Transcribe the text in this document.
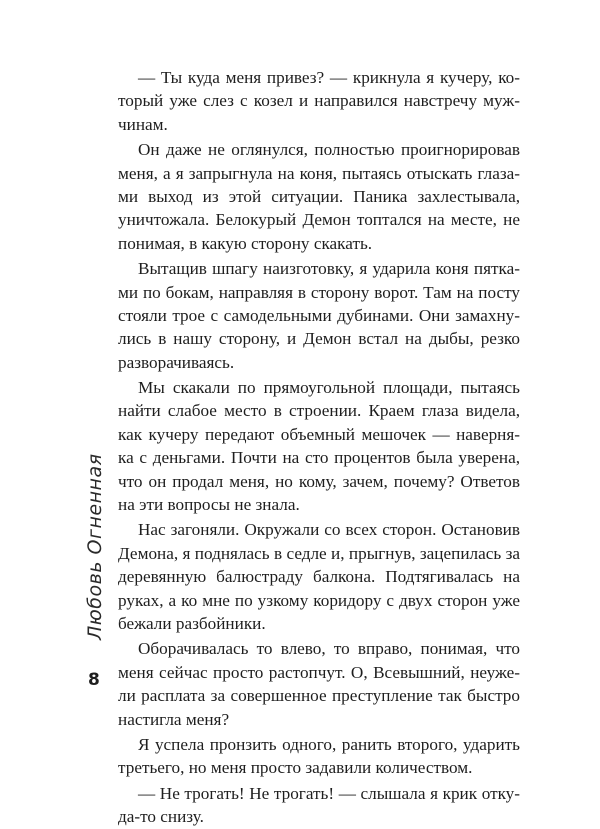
— Ты куда меня привез? — крикнула я кучеру, ко-
торый уже слез с козел и направился навстречу муж-
чинам.
Он даже не оглянулся, полностью проигнорировав
меня, а я запрыгнула на коня, пытаясь отыскать глаза-
ми выход из этой ситуации. Паника захлестывала,
уничтожала. Белокурый Демон топтался на месте, не
понимая, в какую сторону скакать.
Вытащив шпагу наизготовку, я ударила коня пятка-
ми по бокам, направляя в сторону ворот. Там на посту
стояли трое с самодельными дубинами. Они замахну-
лись в нашу сторону, и Демон встал на дыбы, резко
разворачиваясь.
Мы скакали по прямоугольной площади, пытаясь
найти слабое место в строении. Краем глаза видела,
как кучеру передают объемный мешочек — наверня-
ка с деньгами. Почти на сто процентов была уверена,
что он продал меня, но кому, зачем, почему? Ответов
на эти вопросы не знала.
Нас загоняли. Окружали со всех сторон. Остановив
Демона, я поднялась в седле и, прыгнув, зацепилась за
деревянную балюстраду балкона. Подтягивалась на
руках, а ко мне по узкому коридору с двух сторон уже
бежали разбойники.
Оборачивалась то влево, то вправо, понимая, что
меня сейчас просто растопчут. О, Всевышний, неуже-
ли расплата за совершенное преступление так быстро
настигла меня?
Я успела пронзить одного, ранить второго, ударить
третьего, но меня просто задавили количеством.
— Не трогать! Не трогать! — слышала я крик отку-
да-то снизу.
Любовь Огненная
8
